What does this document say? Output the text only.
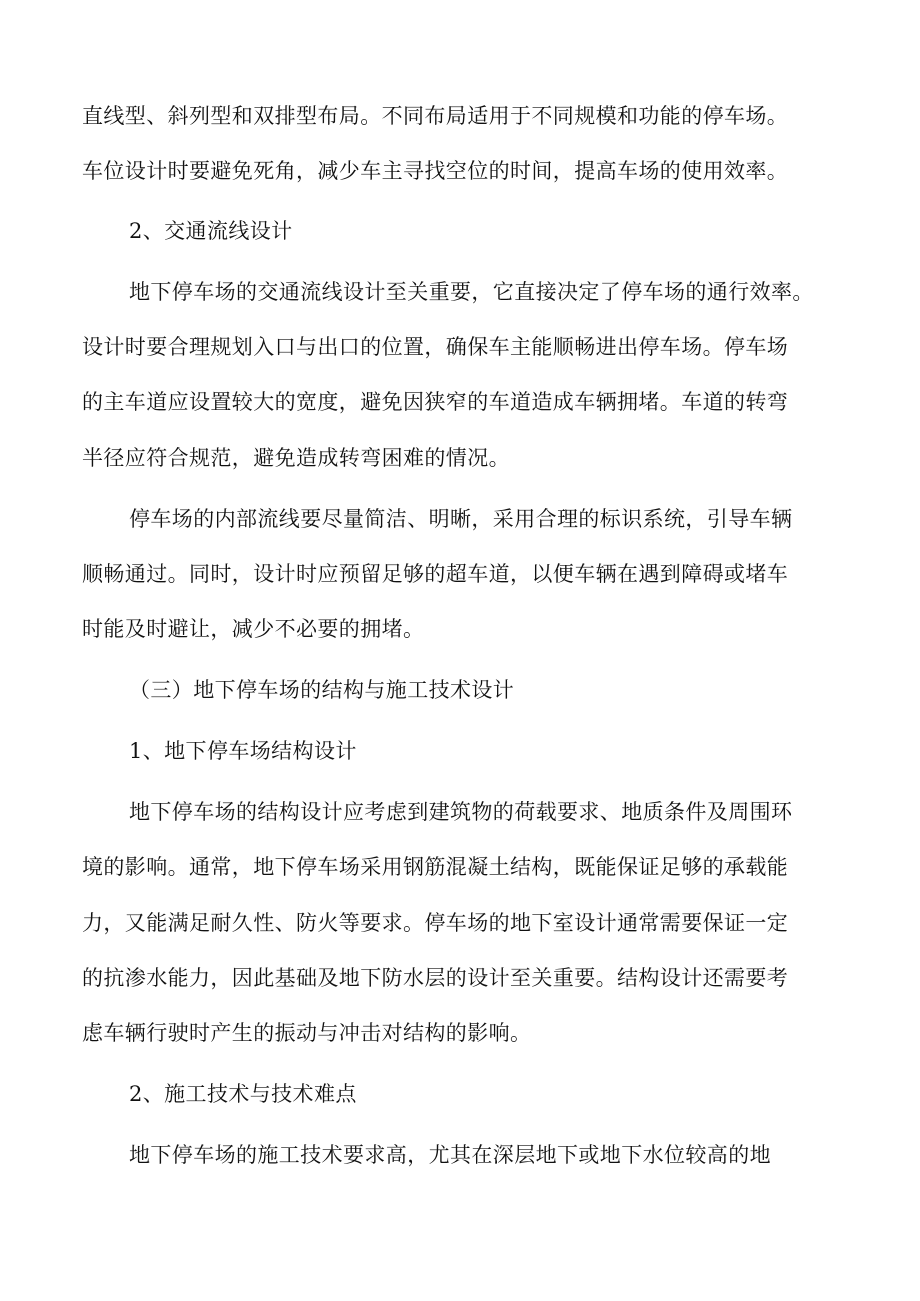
直线型、斜列型和双排型布局。不同布局适用于不同规模和功能的停车场。
车位设计时要避免死角，减少车主寻找空位的时间，提高车场的使用效率。
2、交通流线设计
地下停车场的交通流线设计至关重要，它直接决定了停车场的通行效率。
设计时要合理规划入口与出口的位置，确保车主能顺畅进出停车场。停车场
的主车道应设置较大的宽度，避免因狭窄的车道造成车辆拥堵。车道的转弯
半径应符合规范，避免造成转弯困难的情况。
停车场的内部流线要尽量简洁、明晰，采用合理的标识系统，引导车辆
顺畅通过。同时，设计时应预留足够的超车道，以便车辆在遇到障碍或堵车
时能及时避让，减少不必要的拥堵。
（三）地下停车场的结构与施工技术设计
1、地下停车场结构设计
地下停车场的结构设计应考虑到建筑物的荷载要求、地质条件及周围环
境的影响。通常，地下停车场采用钢筋混凝土结构，既能保证足够的承载能
力，又能满足耐久性、防火等要求。停车场的地下室设计通常需要保证一定
的抗渗水能力，因此基础及地下防水层的设计至关重要。结构设计还需要考
虑车辆行驶时产生的振动与冲击对结构的影响。
2、施工技术与技术难点
地下停车场的施工技术要求高，尤其在深层地下或地下水位较高的地
